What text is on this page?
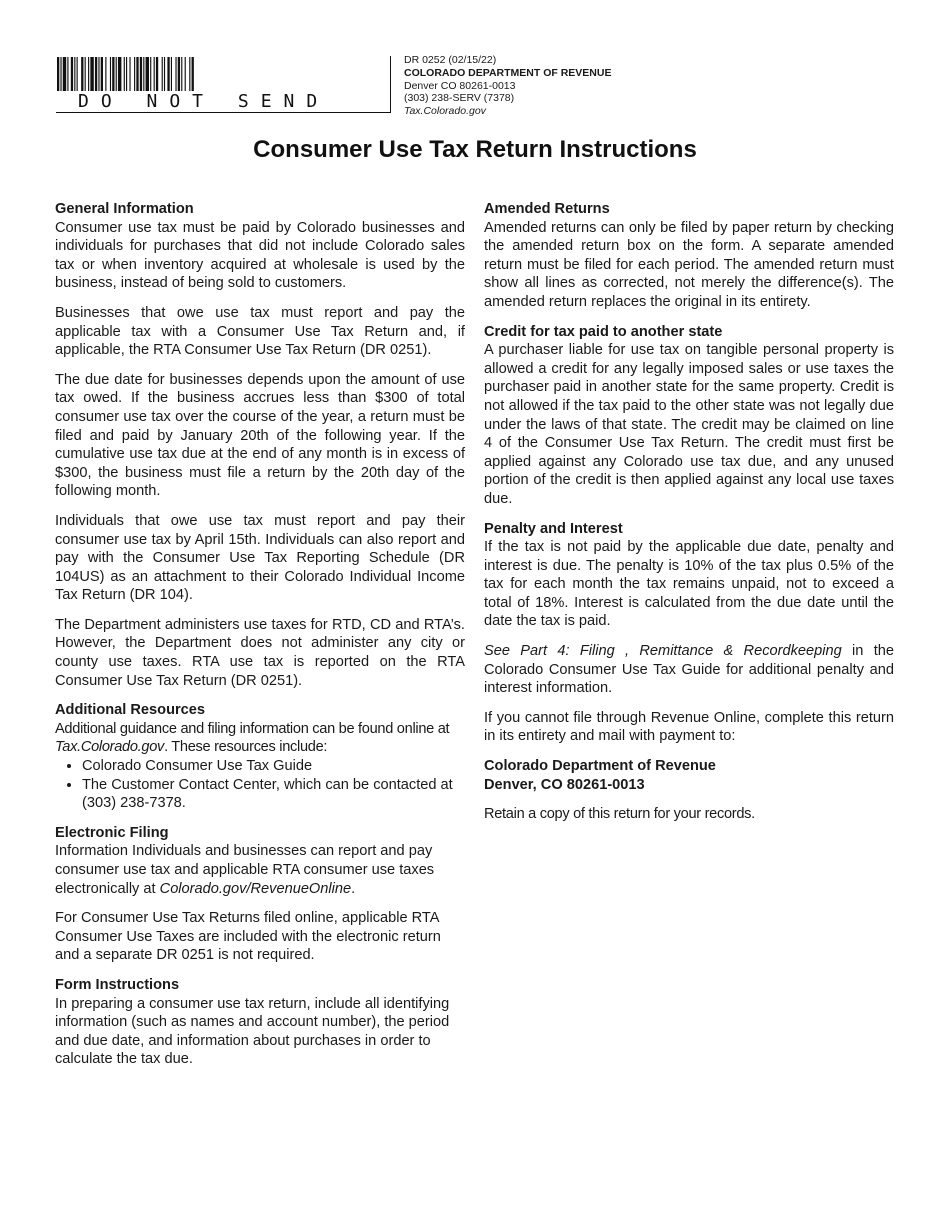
DO NOT SEND
DR 0252 (02/15/22)
COLORADO DEPARTMENT OF REVENUE
Denver CO 80261-0013
(303) 238-SERV (7378)
Tax.Colorado.gov
Consumer Use Tax Return Instructions
General Information

Consumer use tax must be paid by Colorado businesses and individuals for purchases that did not include Colorado sales tax or when inventory acquired at wholesale is used by the business, instead of being sold to customers.

Businesses that owe use tax must report and pay the applicable tax with a Consumer Use Tax Return and, if applicable, the RTA Consumer Use Tax Return (DR 0251).

The due date for businesses depends upon the amount of use tax owed. If the business accrues less than $300 of total consumer use tax over the course of the year, a return must be filed and paid by January 20th of the following year. If the cumulative use tax due at the end of any month is in excess of $300, the business must file a return by the 20th day of the following month.

Individuals that owe use tax must report and pay their consumer use tax by April 15th. Individuals can also report and pay with the Consumer Use Tax Reporting Schedule (DR 104US) as an attachment to their Colorado Individual Income Tax Return (DR 104).

The Department administers use taxes for RTD, CD and RTA’s. However, the Department does not administer any city or county use taxes. RTA use tax is reported on the RTA Consumer Use Tax Return (DR 0251).

Additional Resources
Additional guidance and filing information can be found online at Tax.Colorado.gov. These resources include:
• Colorado Consumer Use Tax Guide
• The Customer Contact Center, which can be contacted at (303) 238-7378.
Electronic Filing

Information Individuals and businesses can report and pay consumer use tax and applicable RTA consumer use taxes electronically at Colorado.gov/RevenueOnline.

For Consumer Use Tax Returns filed online, applicable RTA Consumer Use Taxes are included with the electronic return and a separate DR 0251 is not required.

Form Instructions

In preparing a consumer use tax return, include all identifying information (such as names and account number), the period and due date, and information about purchases in order to calculate the tax due.

Amended Returns

Amended returns can only be filed by paper return by checking the amended return box on the form. A separate amended return must be filed for each period. The amended return must show all lines as corrected, not merely the difference(s). The amended return replaces the original in its entirety.

Credit for tax paid to another state

A purchaser liable for use tax on tangible personal property is allowed a credit for any legally imposed sales or use taxes the purchaser paid in another state for the same property. Credit is not allowed if the tax paid to the other state was not legally due under the laws of that state. The credit may be claimed on line 4 of the Consumer Use Tax Return. The credit must first be applied against any Colorado use tax due, and any unused portion of the credit is then applied against any local use taxes due.

Penalty and Interest

If the tax is not paid by the applicable due date, penalty and interest is due. The penalty is 10% of the tax plus 0.5% of the tax for each month the tax remains unpaid, not to exceed a total of 18%. Interest is calculated from the due date until the date the tax is paid.

See Part 4: Filing , Remittance & Recordkeeping in the Colorado Consumer Use Tax Guide for additional penalty and interest information.

If you cannot file through Revenue Online, complete this return in its entirety and mail with payment to:

Colorado Department of Revenue
Denver, CO 80261-0013

Retain a copy of this return for your records.
